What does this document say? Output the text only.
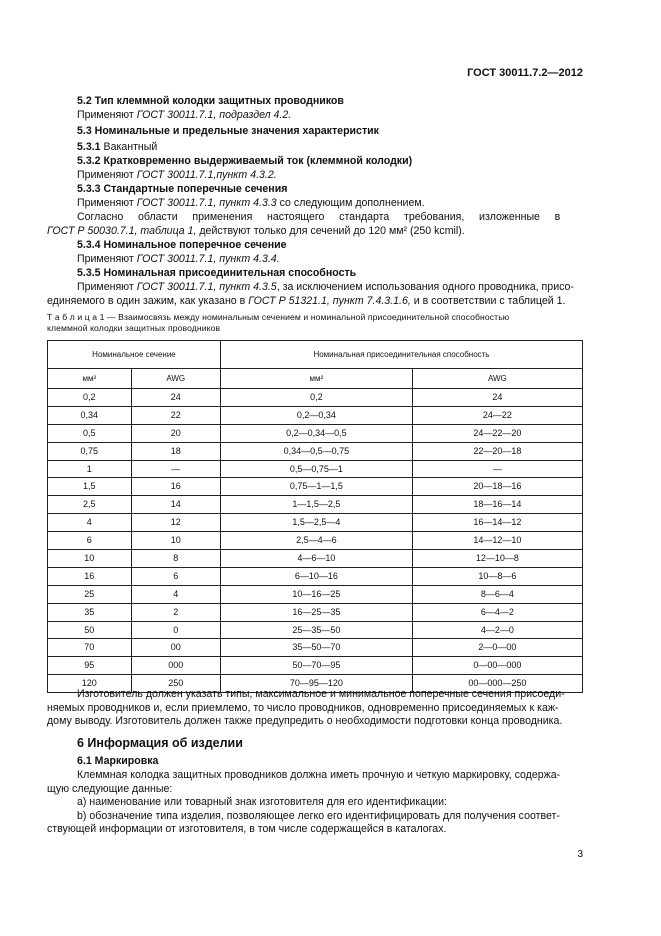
ГОСТ 30011.7.2—2012
5.2 Тип клеммной колодки защитных проводников
Применяют ГОСТ 30011.7.1, подраздел 4.2.
5.3 Номинальные и предельные значения характеристик
5.3.1 Вакантный
5.3.2 Кратковременно выдерживаемый ток (клеммной колодки)
Применяют ГОСТ 30011.7.1,пункт 4.3.2.
5.3.3 Стандартные поперечные сечения
Применяют ГОСТ 30011.7.1, пункт 4.3.3 со следующим дополнением.
Согласно     области     применения     настоящего     стандарта     требования,     изложенные     в
ГОСТ Р 50030.7.1, таблица 1, действуют только для сечений до 120 мм² (250 kcmil).
5.3.4 Номинальное поперечное сечение
Применяют ГОСТ 30011.7.1, пункт 4.3.4.
5.3.5 Номинальная присоединительная способность
Применяют ГОСТ 30011.7.1, пункт 4.3.5, за исключением использования одного проводника, присо-
единяемого в один зажим, как указано в ГОСТ Р 51321.1, пункт 7.4.3.1.6, и в соответствии с таблицей 1.
Т а б л и ц а 1 — Взаимосвязь между номинальным сечением и номинальной присоединительной способностью
клеммной колодки защитных проводников
Номинальное сечение		Номинальная присоединительная способность	
мм²	AWG	мм²	AWG
0,2	24	0,2	24
0,34	22	0,2—0,34	24—22
0,5	20	0,2—0,34—0,5	24—22—20
0,75	18	0,34—0,5—0,75	22—20—18
1	—	0,5—0,75—1	—
1,5	16	0,75—1—1,5	20—18—16
2,5	14	1—1,5—2,5	18—16—14
4	12	1,5—2,5—4	16—14—12
6	10	2,5—4—6	14—12—10
10	8	4—6—10	12—10—8
16	6	6—10—16	10—8—6
25	4	10—16—25	8—6—4
35	2	16—25—35	6—4—2
50	0	25—35—50	4—2—0
70	00	35—50—70	2—0—00
95	000	50—70—95	0—00—000
120	250	70—95—120	00—000—250
Изготовитель должен указать типы, максимальное и минимальное поперечные сечения присоеди-
няемых проводников и, если приемлемо, то число проводников, одновременно присоединяемых к каж-
дому выводу. Изготовитель должен также предупредить о необходимости подготовки конца проводника.
6 Информация об изделии
6.1 Маркировка
Клеммная колодка защитных проводников должна иметь прочную и четкую маркировку, содержа-
щую следующие данные:
a) наименование или товарный знак изготовителя для его идентификации:
b) обозначение типа изделия, позволяющее легко его идентифицировать для получения соответ-
ствующей информации от изготовителя, в том числе содержащейся в каталогах.
3
